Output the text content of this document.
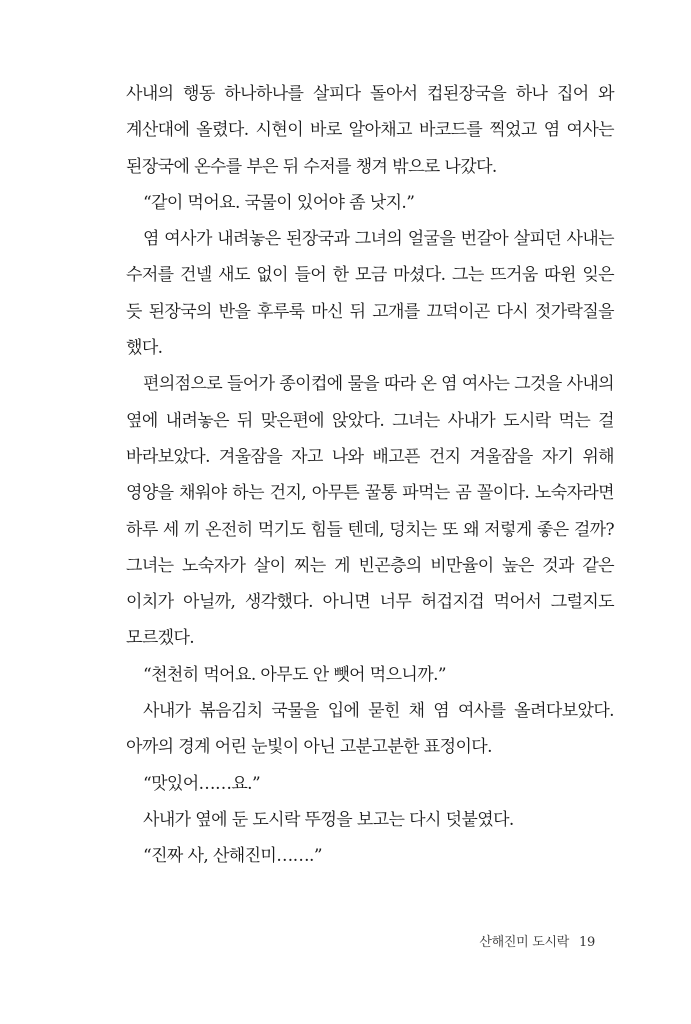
사내의 행동 하나하나를 살피다 돌아서 컵된장국을 하나 집어 와 계산대에 올렸다. 시현이 바로 알아채고 바코드를 찍었고 염 여사는 된장국에 온수를 부은 뒤 수저를 챙겨 밖으로 나갔다.

“같이 먹어요. 국물이 있어야 좀 낫지.”

염 여사가 내려놓은 된장국과 그녀의 얼굴을 번갈아 살피던 사내는 수저를 건넬 새도 없이 들어 한 모금 마셨다. 그는 뜨거움 따윈 잊은 듯 된장국의 반을 후루룩 마신 뒤 고개를 끄덕이곤 다시 젓가락질을 했다.

편의점으로 들어가 종이컵에 물을 따라 온 염 여사는 그것을 사내의 옆에 내려놓은 뒤 맞은편에 앉았다. 그녀는 사내가 도시락 먹는 걸 바라보았다. 겨울잠을 자고 나와 배고픈 건지 겨울잠을 자기 위해 영양을 채워야 하는 건지, 아무튼 꿀통 파먹는 곰 꼴이다. 노숙자라면 하루 세 끼 온전히 먹기도 힘들 텐데, 덩치는 또 왜 저렇게 좋은 걸까? 그녀는 노숙자가 살이 찌는 게 빈곤층의 비만율이 높은 것과 같은 이치가 아닐까, 생각했다. 아니면 너무 허겁지겁 먹어서 그럴지도 모르겠다.

“천천히 먹어요. 아무도 안 뺏어 먹으니까.”

사내가 볶음김치 국물을 입에 묻힌 채 염 여사를 올려다보았다. 아까의 경계 어린 눈빛이 아닌 고분고분한 표정이다.

“맛있어……요.”

사내가 옆에 둔 도시락 뚜껑을 보고는 다시 덧붙였다.

“진짜 사, 산해진미…….”

산해진미 도시락 19
